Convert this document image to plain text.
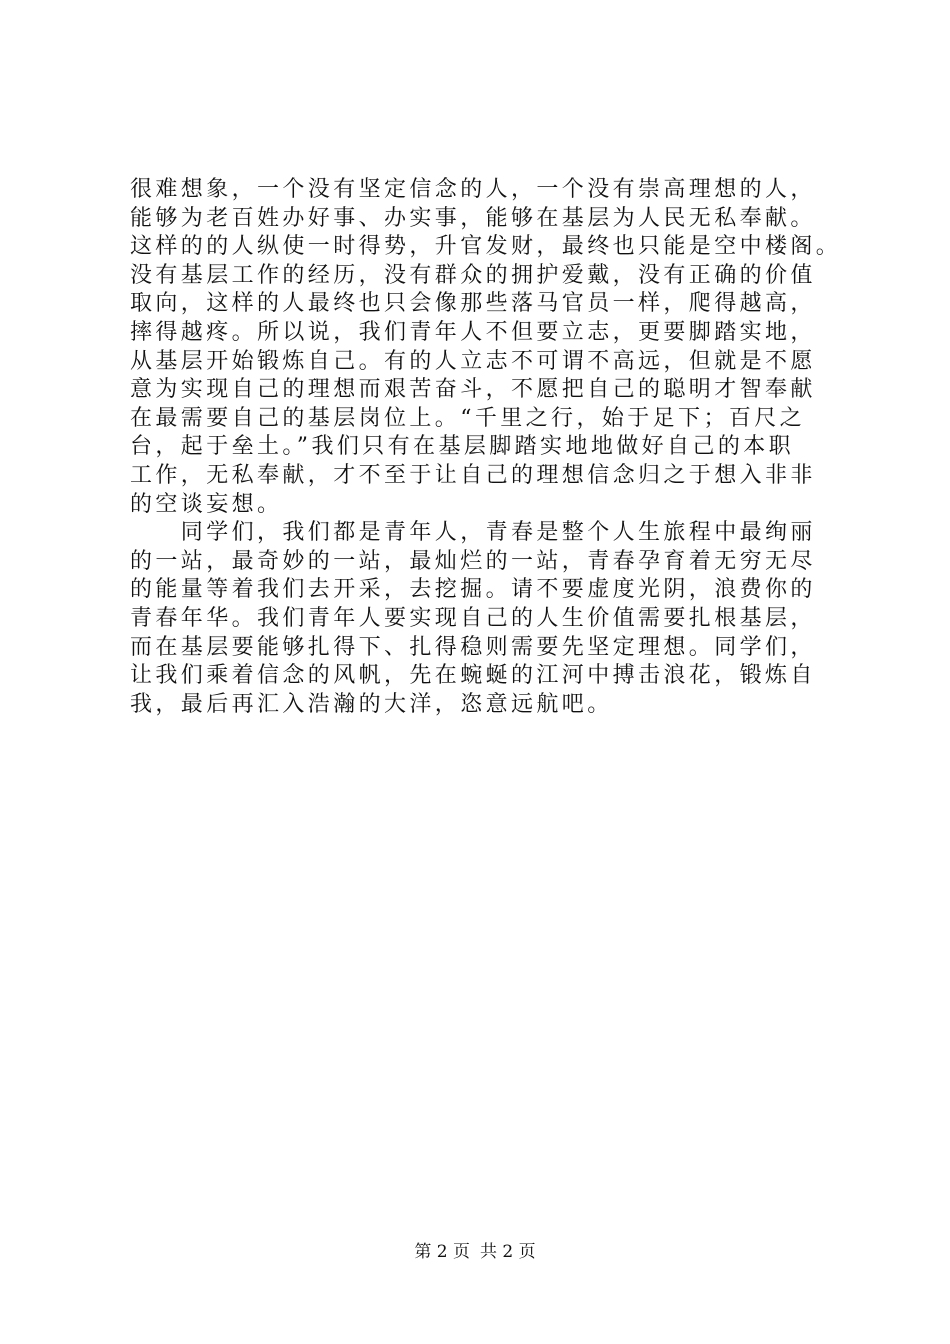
很难想象，一个没有坚定信念的人，一个没有崇高理想的人，
能够为老百姓办好事、办实事，能够在基层为人民无私奉献。
这样的的人纵使一时得势，升官发财，最终也只能是空中楼阁。
没有基层工作的经历，没有群众的拥护爱戴，没有正确的价值
取向，这样的人最终也只会像那些落马官员一样，爬得越高，
摔得越疼。所以说，我们青年人不但要立志，更要脚踏实地，
从基层开始锻炼自己。有的人立志不可谓不高远，但就是不愿
意为实现自己的理想而艰苦奋斗，不愿把自己的聪明才智奉献
在最需要自己的基层岗位上。“千里之行，始于足下；百尺之
台，起于垒土。”我们只有在基层脚踏实地地做好自己的本职
工作，无私奉献，才不至于让自己的理想信念归之于想入非非
的空谈妄想。
　　同学们，我们都是青年人，青春是整个人生旅程中最绚丽
的一站，最奇妙的一站，最灿烂的一站，青春孕育着无穷无尽
的能量等着我们去开采，去挖掘。请不要虚度光阴，浪费你的
青春年华。我们青年人要实现自己的人生价值需要扎根基层，
而在基层要能够扎得下、扎得稳则需要先坚定理想。同学们，
让我们乘着信念的风帆，先在蜿蜒的江河中搏击浪花，锻炼自
我，最后再汇入浩瀚的大洋，恣意远航吧。
第 2 页 共 2 页
